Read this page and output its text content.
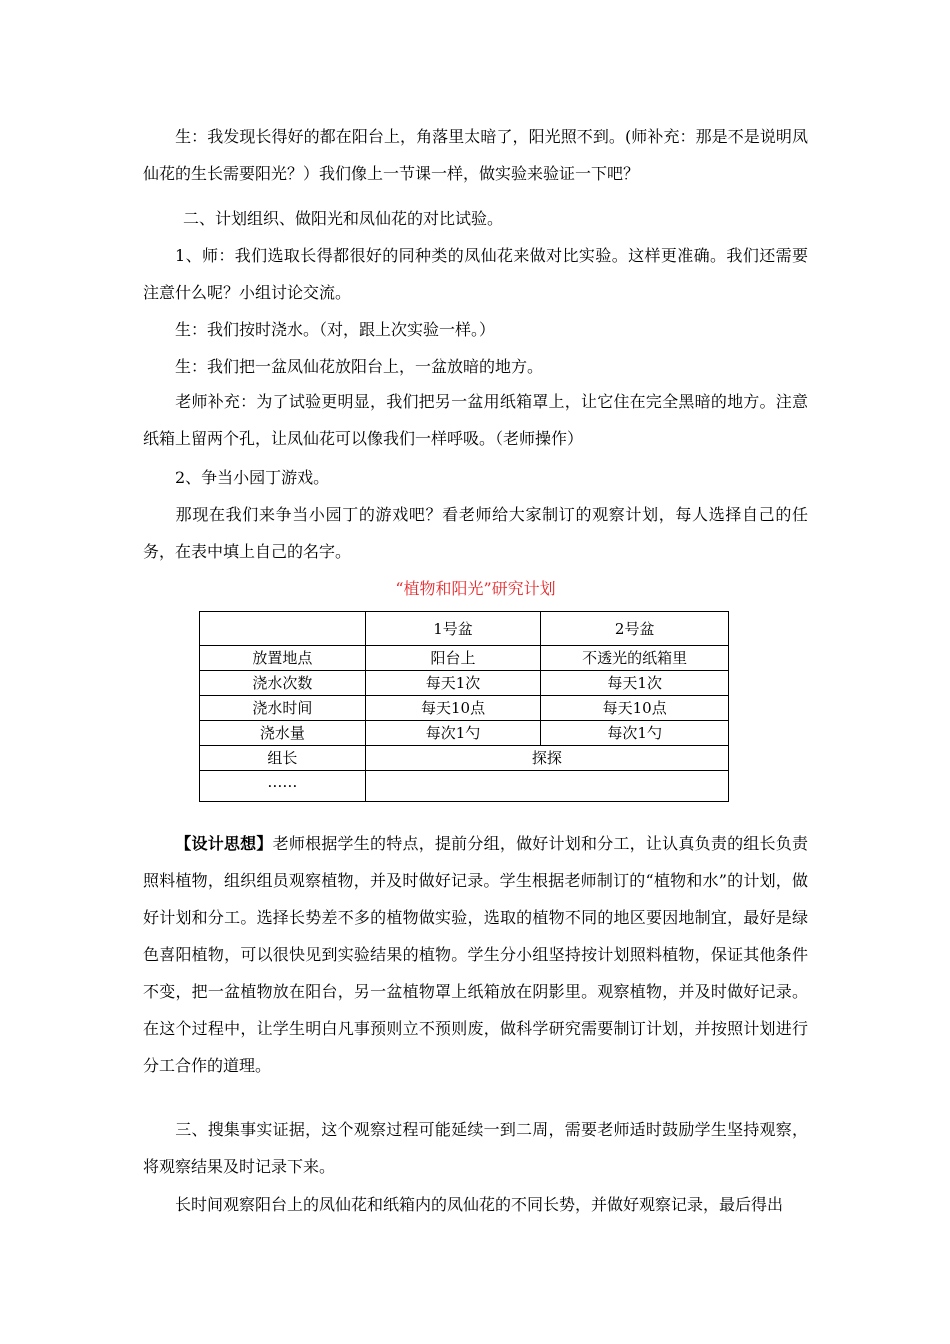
生：我发现长得好的都在阳台上，角落里太暗了，阳光照不到。(师补充：那是不是说明凤仙花的生长需要阳光？）我们像上一节课一样，做实验来验证一下吧？

二、计划组织、做阳光和凤仙花的对比试验。

1、师：我们选取长得都很好的同种类的凤仙花来做对比实验。这样更准确。我们还需要注意什么呢？小组讨论交流。

生：我们按时浇水。（对，跟上次实验一样。）

生：我们把一盆凤仙花放阳台上，一盆放暗的地方。

老师补充：为了试验更明显，我们把另一盆用纸箱罩上，让它住在完全黑暗的地方。注意纸箱上留两个孔，让凤仙花可以像我们一样呼吸。（老师操作）

2、争当小园丁游戏。

那现在我们来争当小园丁的游戏吧？看老师给大家制订的观察计划，每人选择自己的任务，在表中填上自己的名字。

“植物和阳光”研究计划
	1号盆	2号盆
放置地点	阳台上	不透光的纸箱里
浇水次数	每天1次	每天1次
浇水时间	每天10点	每天10点
浇水量	每次1勺	每次1勺
组长	探探	
……		

【设计思想】老师根据学生的特点，提前分组，做好计划和分工，让认真负责的组长负责照料植物，组织组员观察植物，并及时做好记录。学生根据老师制订的“植物和水”的计划，做好计划和分工。选择长势差不多的植物做实验，选取的植物不同的地区要因地制宜，最好是绿色喜阳植物，可以很快见到实验结果的植物。学生分小组坚持按计划照料植物，保证其他条件不变，把一盆植物放在阳台，另一盆植物罩上纸箱放在阴影里。观察植物，并及时做好记录。在这个过程中，让学生明白凡事预则立不预则废，做科学研究需要制订计划，并按照计划进行分工合作的道理。

三、搜集事实证据，这个观察过程可能延续一到二周，需要老师适时鼓励学生坚持观察，将观察结果及时记录下来。

长时间观察阳台上的凤仙花和纸箱内的凤仙花的不同长势，并做好观察记录，最后得出
